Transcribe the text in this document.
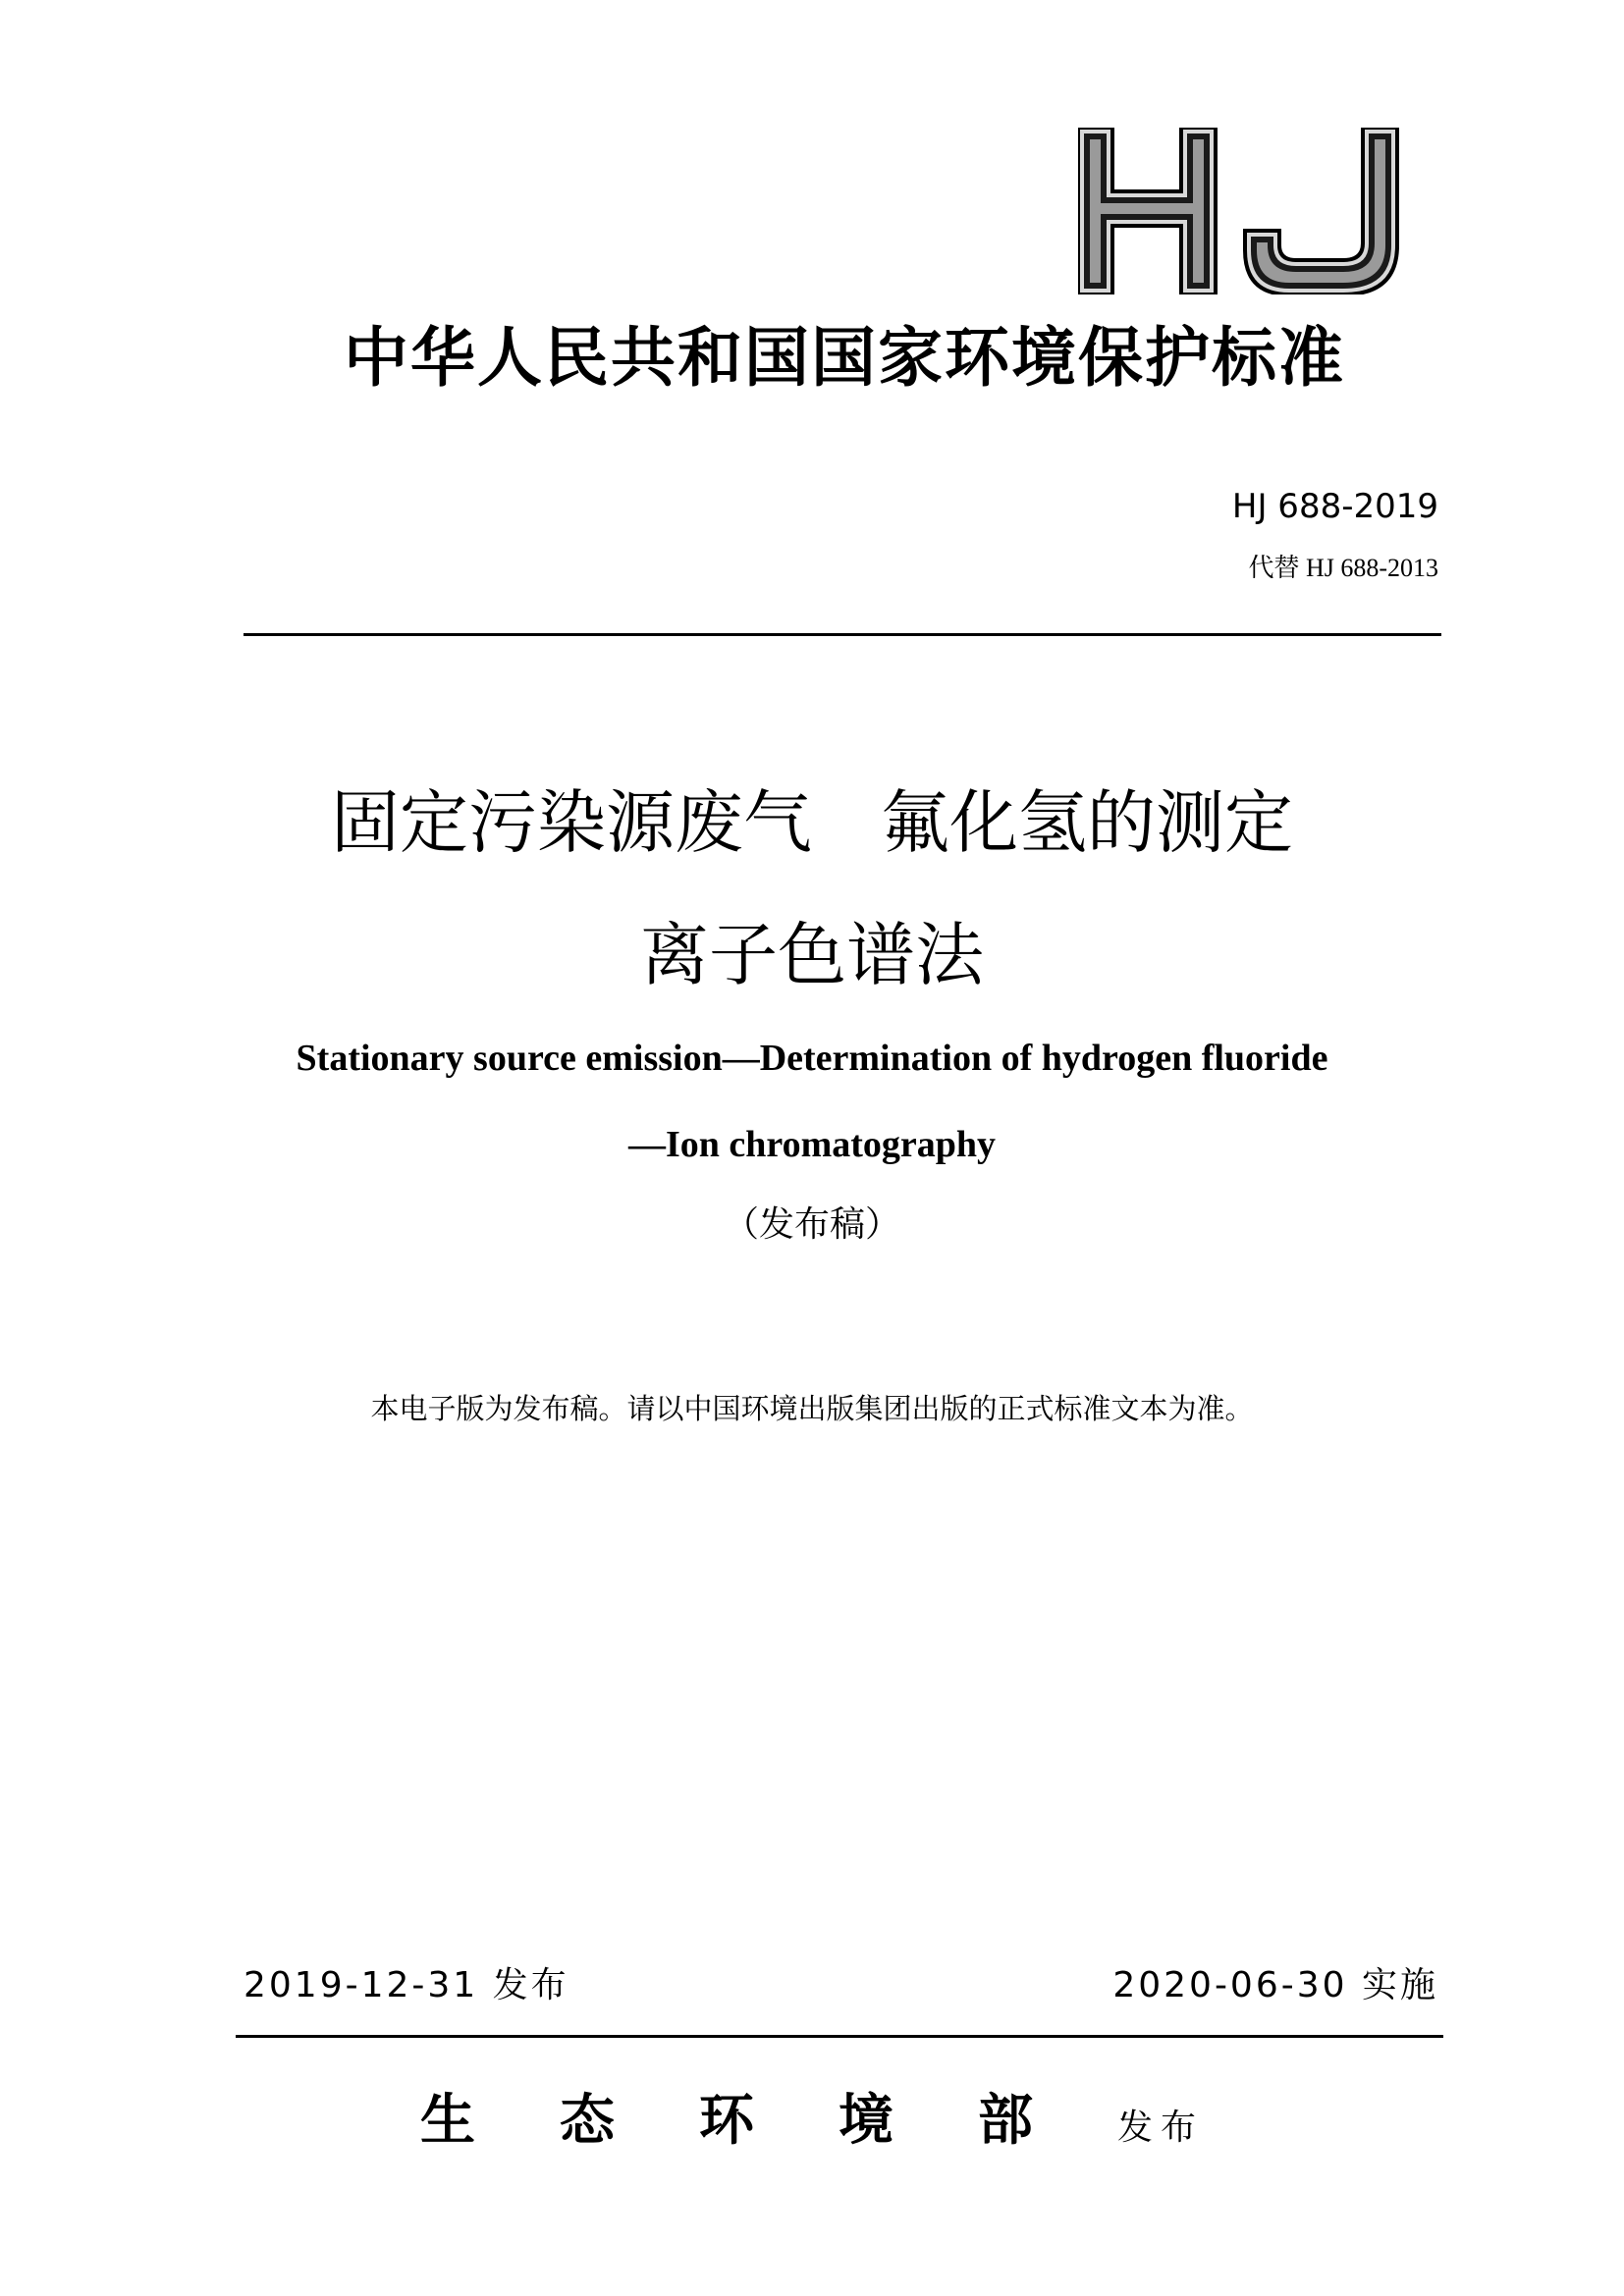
中华人民共和国国家环境保护标准
HJ 688-2019
代替 HJ 688-2013
固定污染源废气　氟化氢的测定
离子色谱法
Stationary source emission—Determination of hydrogen fluoride
—Ion chromatography
（发布稿）
本电子版为发布稿。请以中国环境出版集团出版的正式标准文本为准。
2019-12-31 发布	2020-06-30 实施
生态环境部发布
